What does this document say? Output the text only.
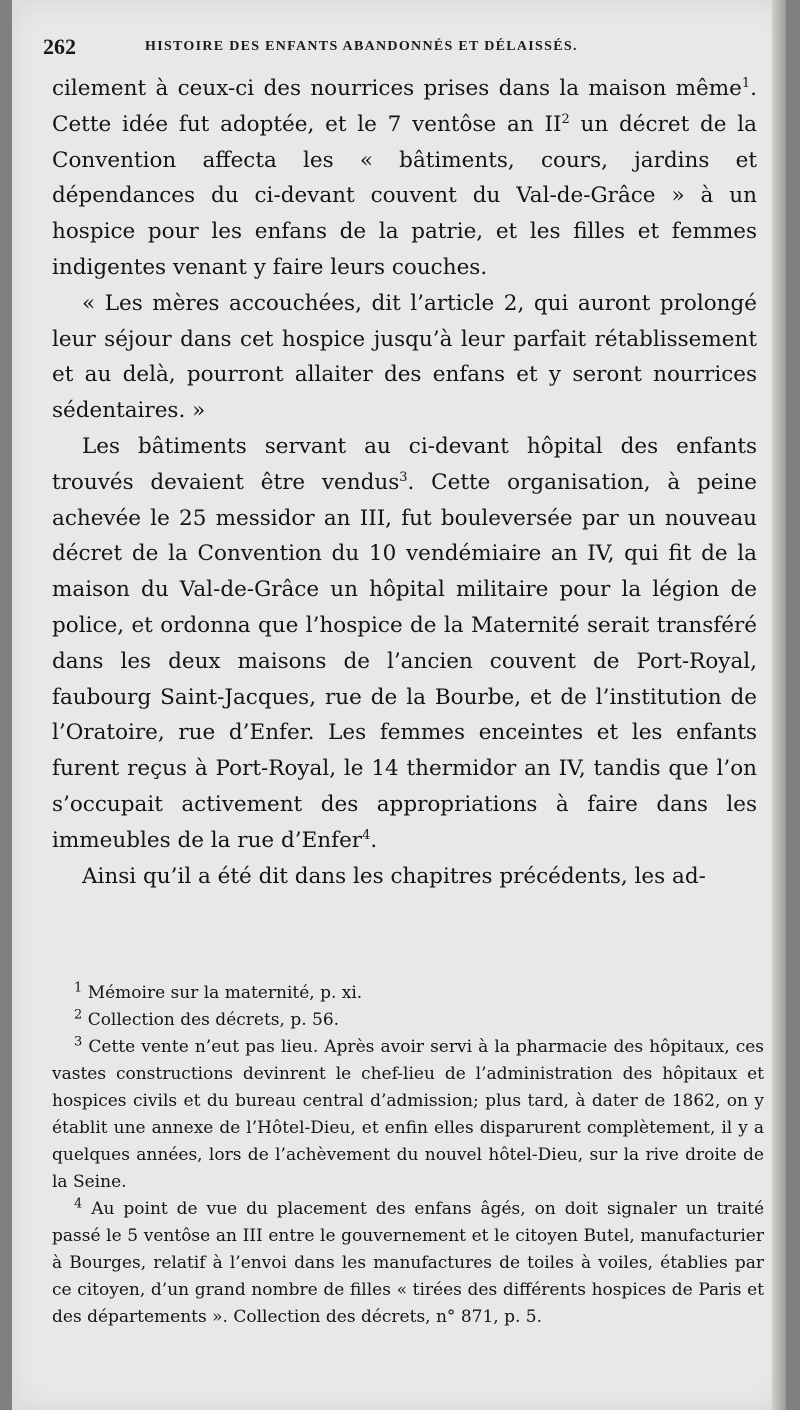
262	HISTOIRE DES ENFANTS ABANDONNÉS ET DÉLAISSÉS.

cilement à ceux-ci des nourrices prises dans la maison même$^1$. Cette idée fut adoptée, et le 7 ventôse an $II^2$ un décret de la Convention affecta les « bâtiments, cours, jardins et dépendances du ci-devant couvent du Val-de-Grâce » à un hospice pour les enfans de la patrie, et les filles et femmes indigentes venant y faire leurs couches.

« Les mères accouchées, dit l’article 2, qui auront prolongé leur séjour dans cet hospice jusqu’à leur parfait rétablissement et au delà, pourront allaiter des enfans et y seront nourrices sédentaires. »

Les bâtiments servant au ci-devant hôpital des enfants trouvés devaient être vendus$^3$. Cette organisation, à peine achevée le 25 messidor an III, fut bouleversée par un nouveau décret de la Convention du 10 vendémiaire an IV, qui fit de la maison du Val-de-Grâce un hôpital militaire pour la légion de police, et ordonna que l’hospice de la Maternité serait transféré dans les deux maisons de l’ancien couvent de Port-Royal, faubourg Saint-Jacques, rue de la Bourbe, et de l’institution de l’Oratoire, rue d’Enfer. Les femmes enceintes et les enfants furent reçus à Port-Royal, le 14 thermidor an IV, tandis que l’on s’occupait activement des appropriations à faire dans les immeubles de la rue d’Enfer$^4$.

Ainsi qu’il a été dit dans les chapitres précédents, les ad-

$^1$ Mémoire sur la maternité, p. xi.

$^2$ Collection des décrets, p. 56.

$^3$ Cette vente n’eut pas lieu. Après avoir servi à la pharmacie des hôpitaux, ces vastes constructions devinrent le chef-lieu de l’administration des hôpitaux et hospices civils et du bureau central d’admission; plus tard, à dater de 1862, on y établit une annexe de l’Hôtel-Dieu, et enfin elles disparurent complètement, il y a quelques années, lors de l’achèvement du nouvel hôtel-Dieu, sur la rive droite de la Seine.

$^4$ Au point de vue du placement des enfans âgés, on doit signaler un traité passé le 5 ventôse an III entre le gouvernement et le citoyen Butel, manufacturier à Bourges, relatif à l’envoi dans les manufactures de toiles à voiles, établies par ce citoyen, d’un grand nombre de filles « tirées des différents hospices de Paris et des départements ». Collection des décrets, n° 871, p. 5.
